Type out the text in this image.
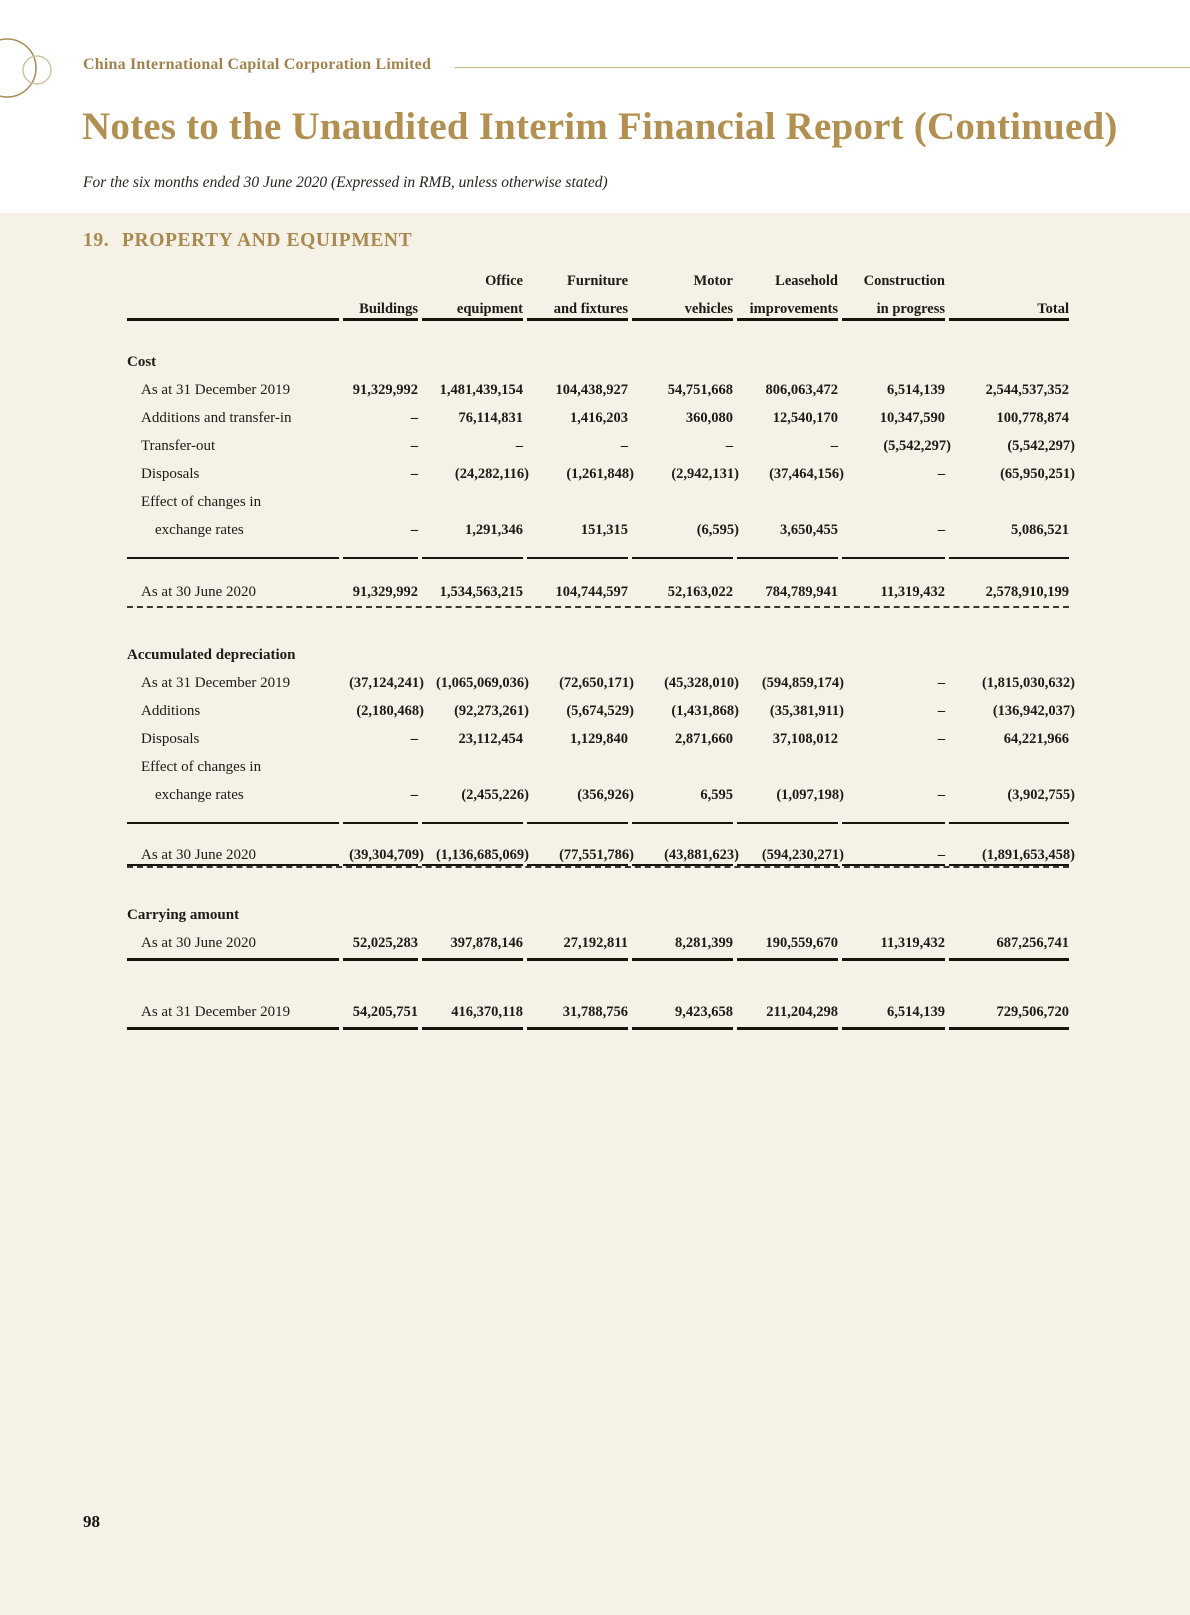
China International Capital Corporation Limited
Notes to the Unaudited Interim Financial Report (Continued)

For the six months ended 30 June 2020 (Expressed in RMB, unless otherwise stated)

19. PROPERTY AND EQUIPMENT
		Office	Furniture	Motor	Leasehold	Construction	
	Buildings	equipment	and fixtures	vehicles	improvements	in progress	Total

Cost							
As at 31 December 2019	91,329,992	1,481,439,154	104,438,927	54,751,668	806,063,472	6,514,139	2,544,537,352
Additions and transfer-in	–	76,114,831	1,416,203	360,080	12,540,170	10,347,590	100,778,874
Transfer-out	–	–	–	–	–	(5,542,297)	(5,542,297)
Disposals	–	(24,282,116)	(1,261,848)	(2,942,131)	(37,464,156)	–	(65,950,251)
Effect of changes in							
exchange rates	–	1,291,346	151,315	(6,595)	3,650,455	–	5,086,521

As at 30 June 2020	91,329,992	1,534,563,215	104,744,597	52,163,022	784,789,941	11,319,432	2,578,910,199

Accumulated depreciation							
As at 31 December 2019	(37,124,241)	(1,065,069,036)	(72,650,171)	(45,328,010)	(594,859,174)	–	(1,815,030,632)
Additions	(2,180,468)	(92,273,261)	(5,674,529)	(1,431,868)	(35,381,911)	–	(136,942,037)
Disposals	–	23,112,454	1,129,840	2,871,660	37,108,012	–	64,221,966
Effect of changes in							
exchange rates	–	(2,455,226)	(356,926)	6,595	(1,097,198)	–	(3,902,755)

As at 30 June 2020	(39,304,709)	(1,136,685,069)	(77,551,786)	(43,881,623)	(594,230,271)	–	(1,891,653,458)

Carrying amount							
As at 30 June 2020	52,025,283	397,878,146	27,192,811	8,281,399	190,559,670	11,319,432	687,256,741

As at 31 December 2019	54,205,751	416,370,118	31,788,756	9,423,658	211,204,298	6,514,139	729,506,720

98
